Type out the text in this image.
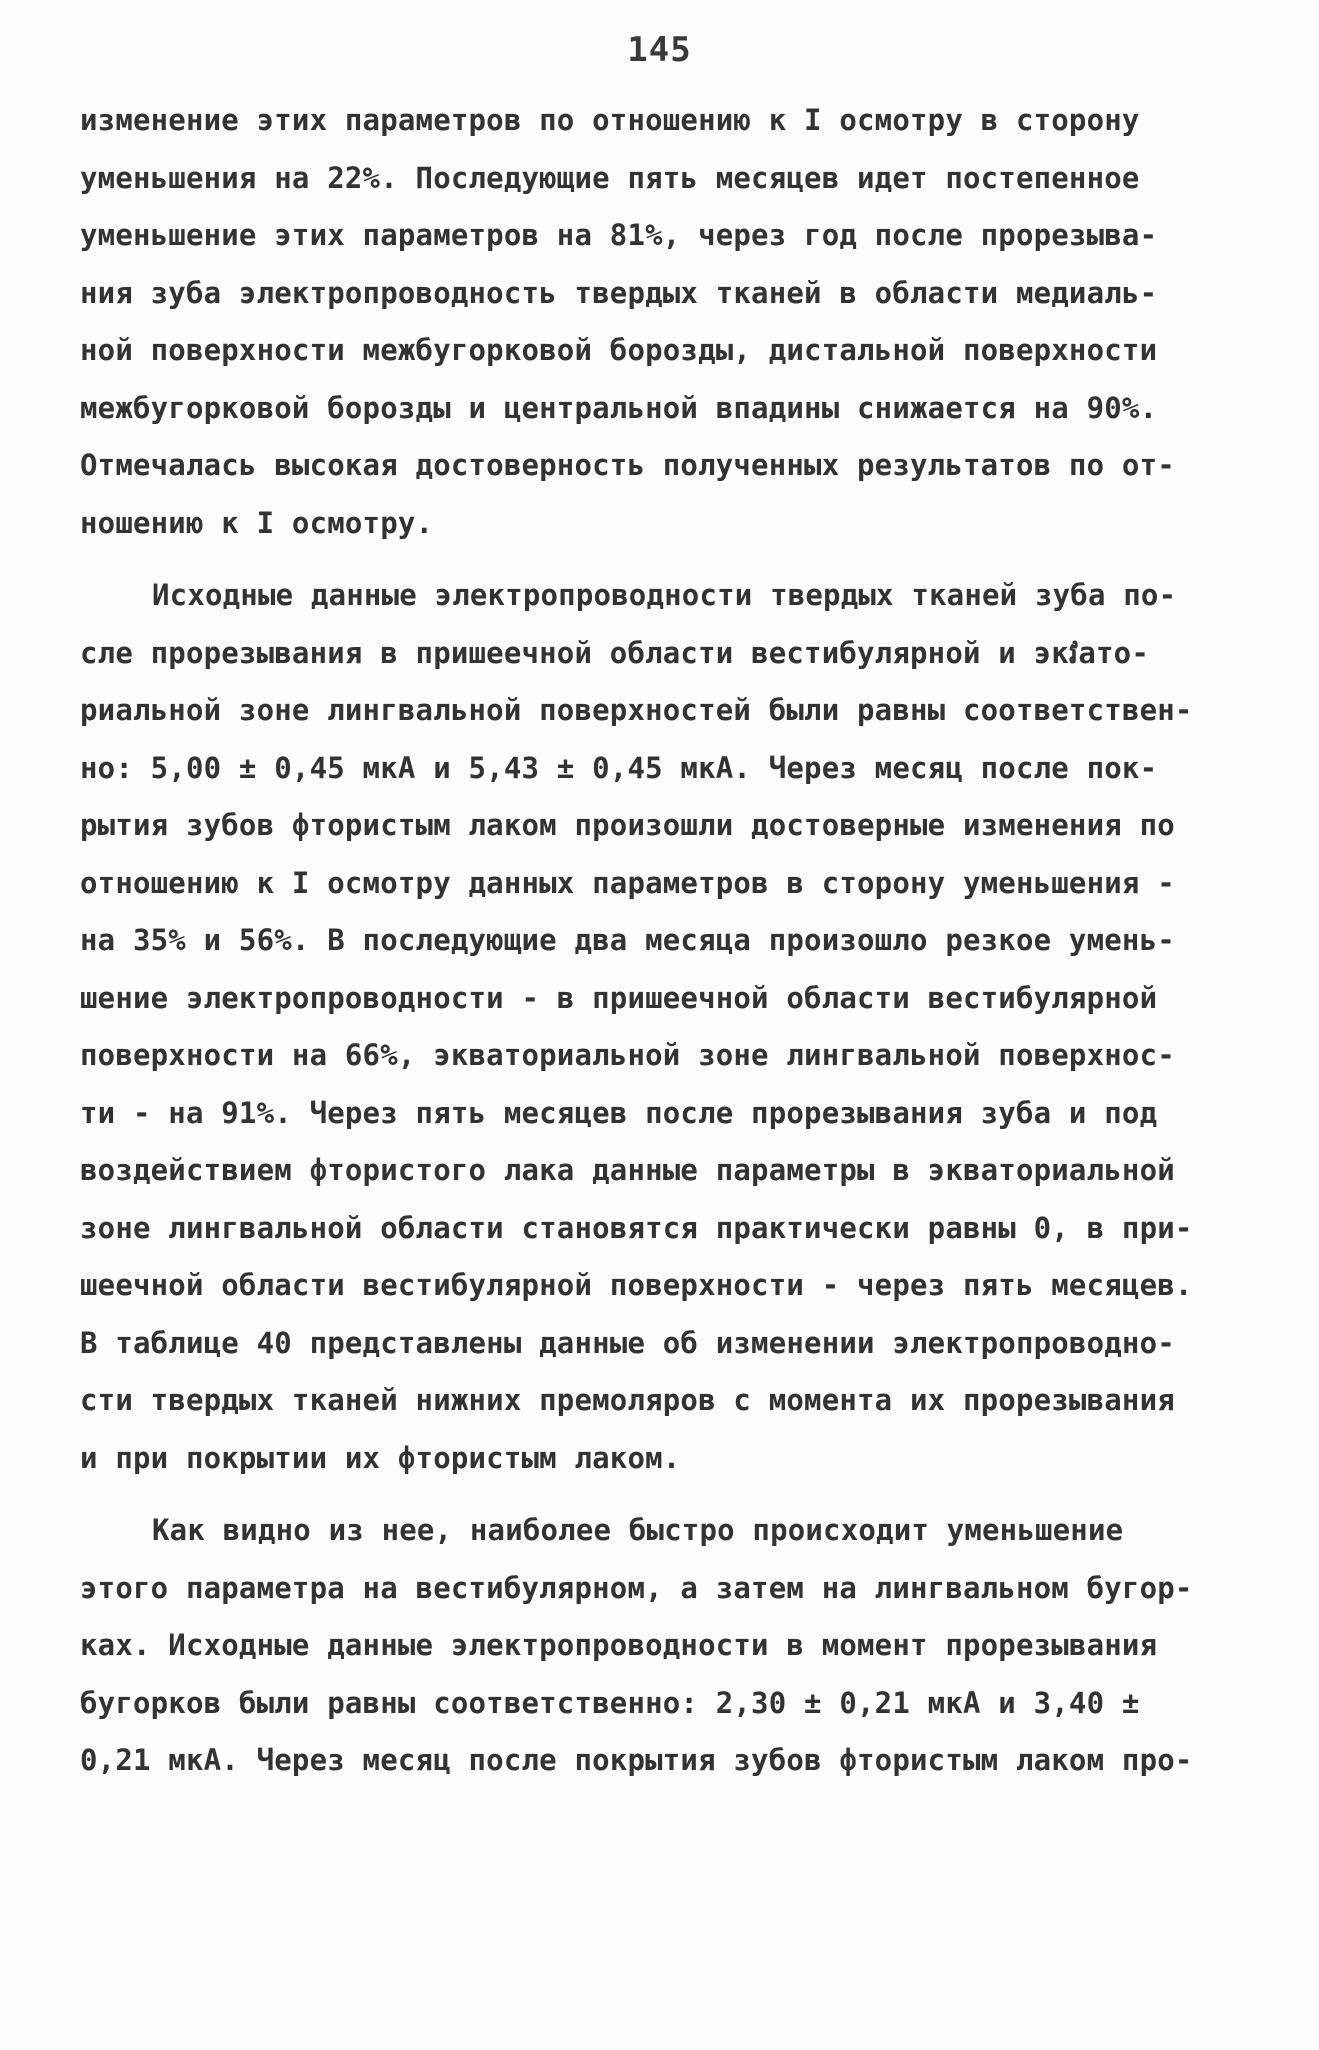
145
изменение этих параметров по отношению к I осмотру в сторону
уменьшения на 22%. Последующие пять месяцев идет постепенное
уменьшение этих параметров на 81%, через год после прорезыва-
ния зуба электропроводность твердых тканей в области медиаль-
ной поверхности межбугорковой борозды, дистальной поверхности
межбугорковой борозды и центральной впадины снижается на 90%.
Отмечалась высокая достоверность полученных результатов по от-
ношению к I осмотру.
Исходные данные электропроводности твердых тканей зуба по-
сле прорезывания в пришеечной области вестибулярной и экវато-
риальной зоне лингвальной поверхностей были равны соответствен-
но: 5,00 ± 0,45 мкА и 5,43 ± 0,45 мкА. Через месяц после пок-
рытия зубов фтористым лаком произошли достоверные изменения по
отношению к I осмотру данных параметров в сторону уменьшения -
на 35% и 56%. В последующие два месяца произошло резкое умень-
шение электропроводности - в пришеечной области вестибулярной
поверхности на 66%, экваториальной зоне лингвальной поверхнос-
ти - на 91%. Через пять месяцев после прорезывания зуба и под
воздействием фтористого лака данные параметры в экваториальной
зоне лингвальной области становятся практически равны 0, в при-
шеечной области вестибулярной поверхности - через пять месяцев.
В таблице 40 представлены данные об изменении электропроводно-
сти твердых тканей нижних премоляров с момента их прорезывания
и при покрытии их фтористым лаком.
Как видно из нее, наиболее быстро происходит уменьшение
этого параметра на вестибулярном, а затем на лингвальном бугор-
ках. Исходные данные электропроводности в момент прорезывания
бугорков были равны соответственно: 2,30 ± 0,21 мкА и 3,40 ±
0,21 мкА. Через месяц после покрытия зубов фтористым лаком про-
